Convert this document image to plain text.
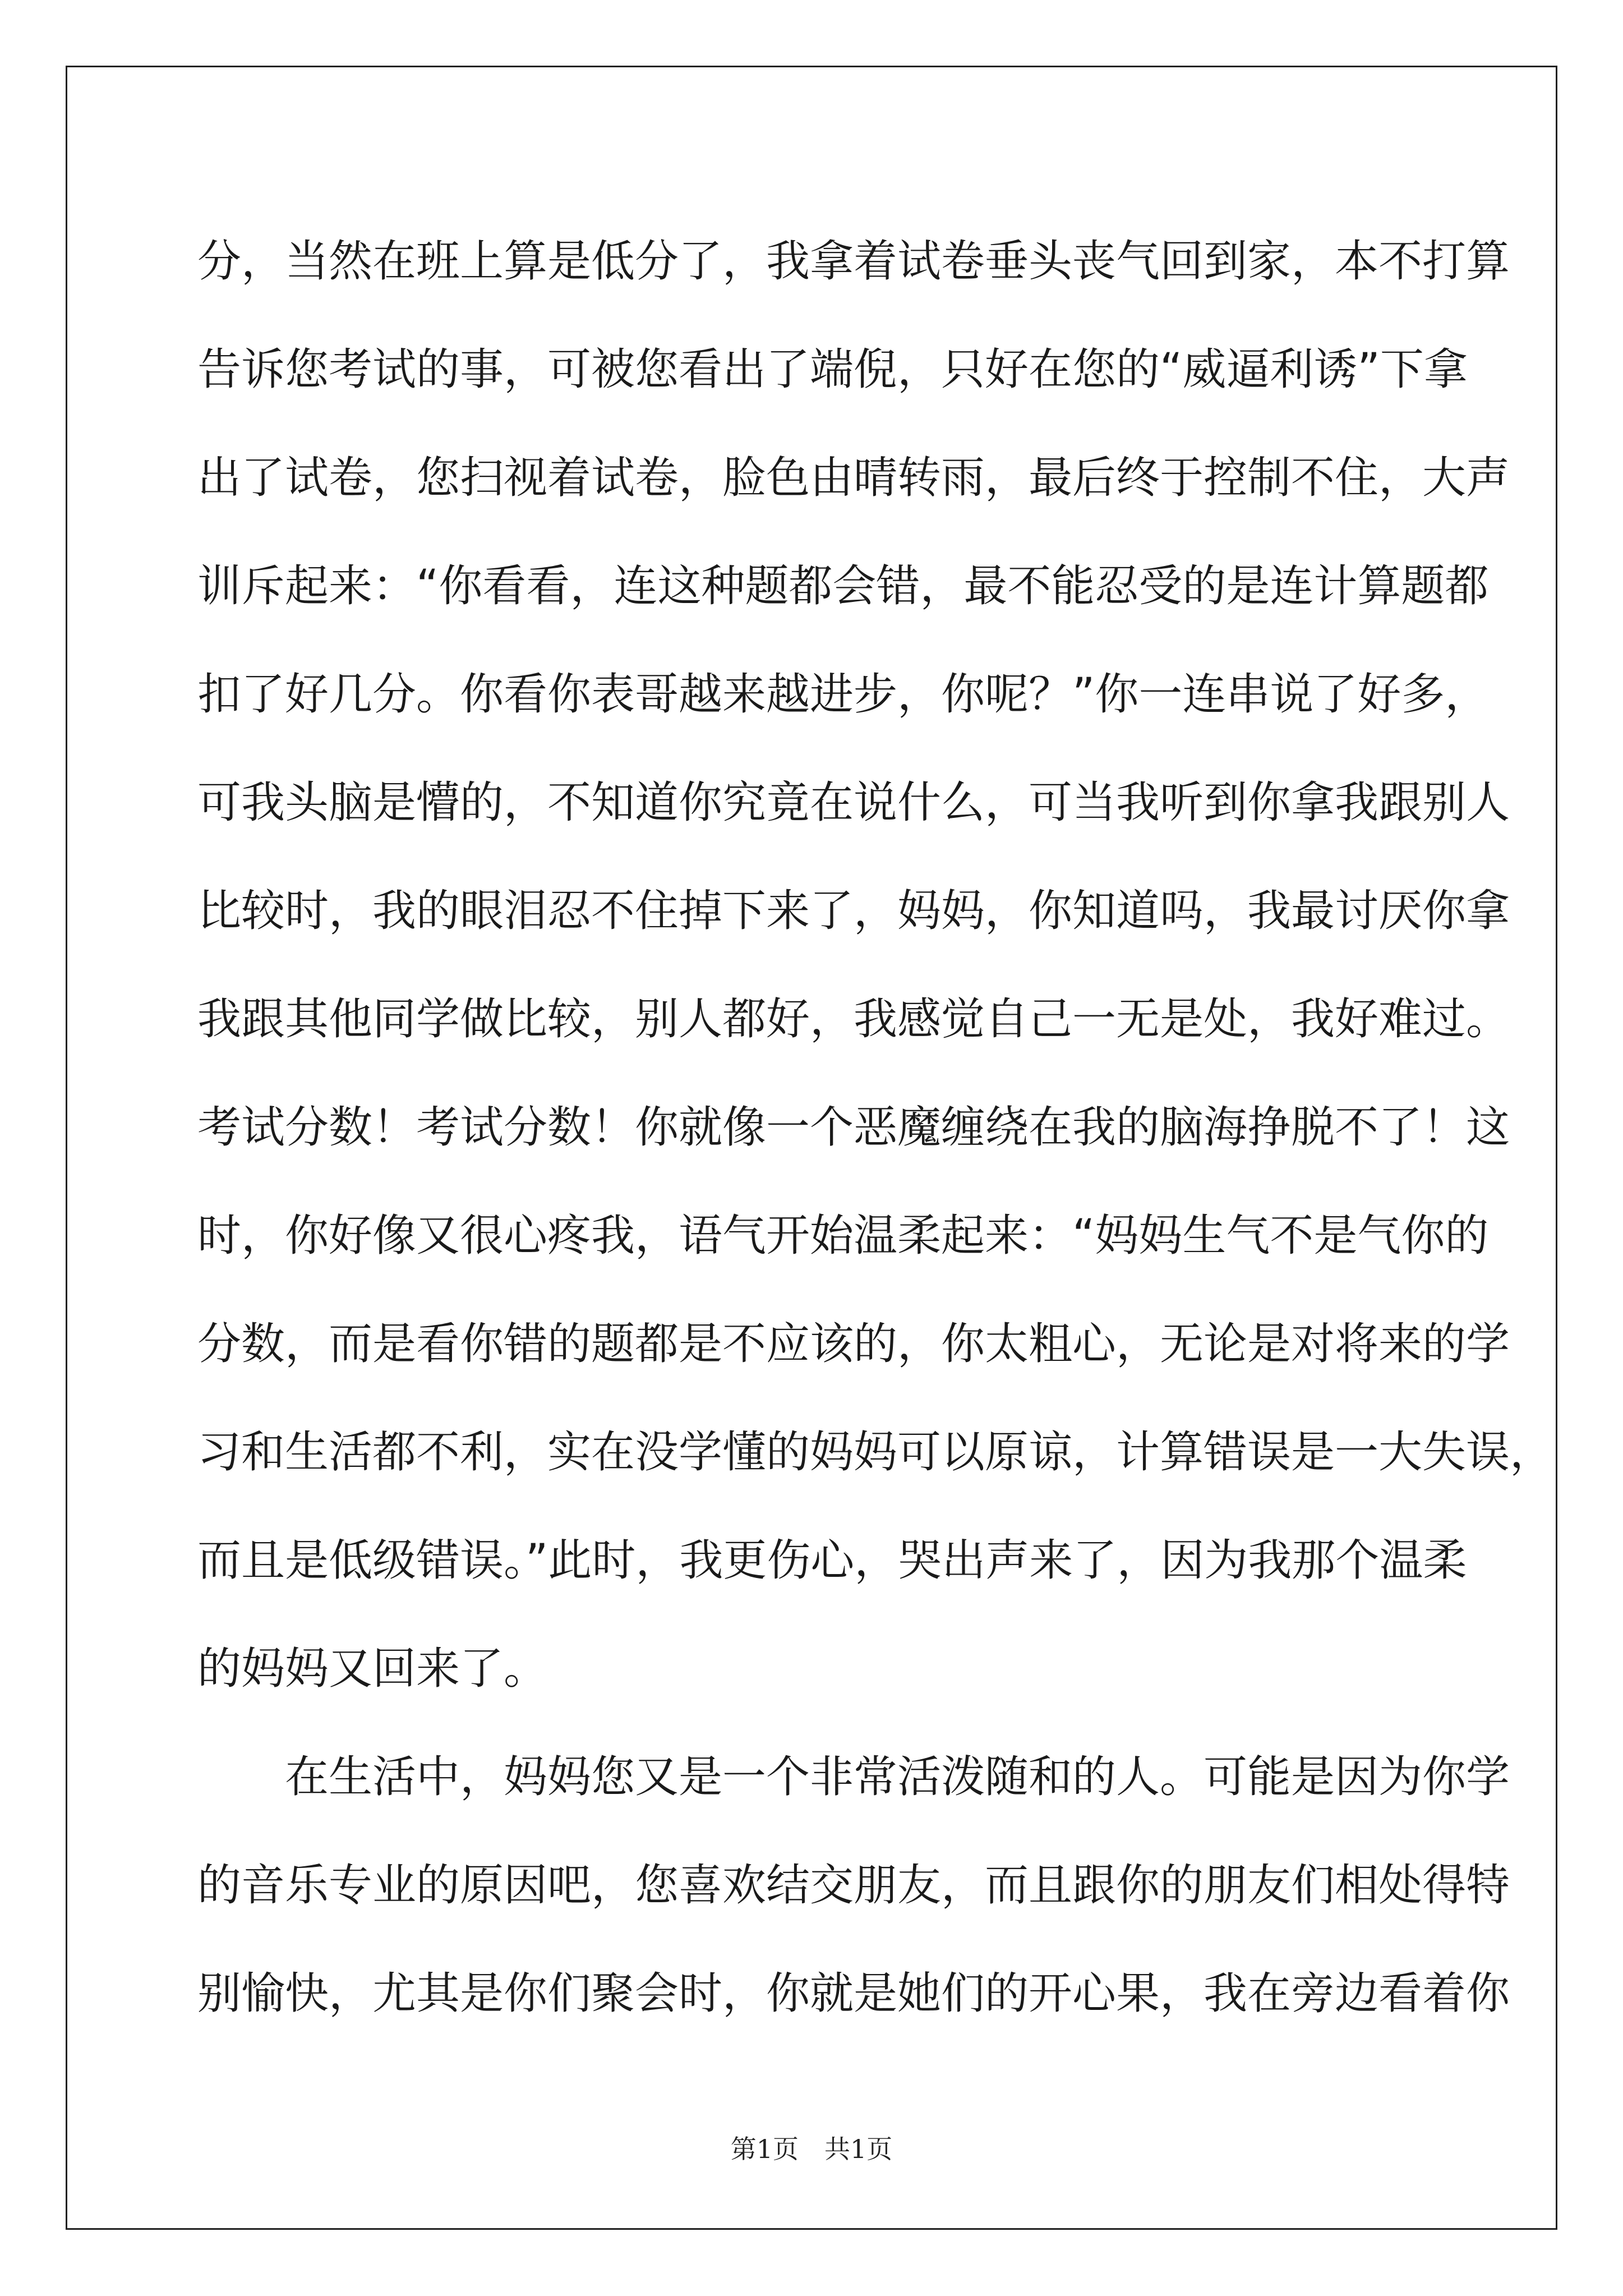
分，当然在班上算是低分了，我拿着试卷垂头丧气回到家，本不打算

告诉您考试的事，可被您看出了端倪，只好在您的“威逼利诱”下拿

出了试卷，您扫视着试卷，脸色由晴转雨，最后终于控制不住，大声

训斥起来：“你看看，连这种题都会错，最不能忍受的是连计算题都

扣了好几分。你看你表哥越来越进步，你呢？”你一连串说了好多，

可我头脑是懵的，不知道你究竟在说什么，可当我听到你拿我跟别人

比较时，我的眼泪忍不住掉下来了，妈妈，你知道吗，我最讨厌你拿

我跟其他同学做比较，别人都好，我感觉自己一无是处，我好难过。

考试分数！考试分数！你就像一个恶魔缠绕在我的脑海挣脱不了！这

时，你好像又很心疼我，语气开始温柔起来：“妈妈生气不是气你的

分数，而是看你错的题都是不应该的，你太粗心，无论是对将来的学

习和生活都不利，实在没学懂的妈妈可以原谅，计算错误是一大失误，

而且是低级错误。”此时，我更伤心，哭出声来了，因为我那个温柔

的妈妈又回来了。

在生活中，妈妈您又是一个非常活泼随和的人。可能是因为你学

的音乐专业的原因吧，您喜欢结交朋友，而且跟你的朋友们相处得特

别愉快，尤其是你们聚会时，你就是她们的开心果，我在旁边看着你

第1页　共1页
